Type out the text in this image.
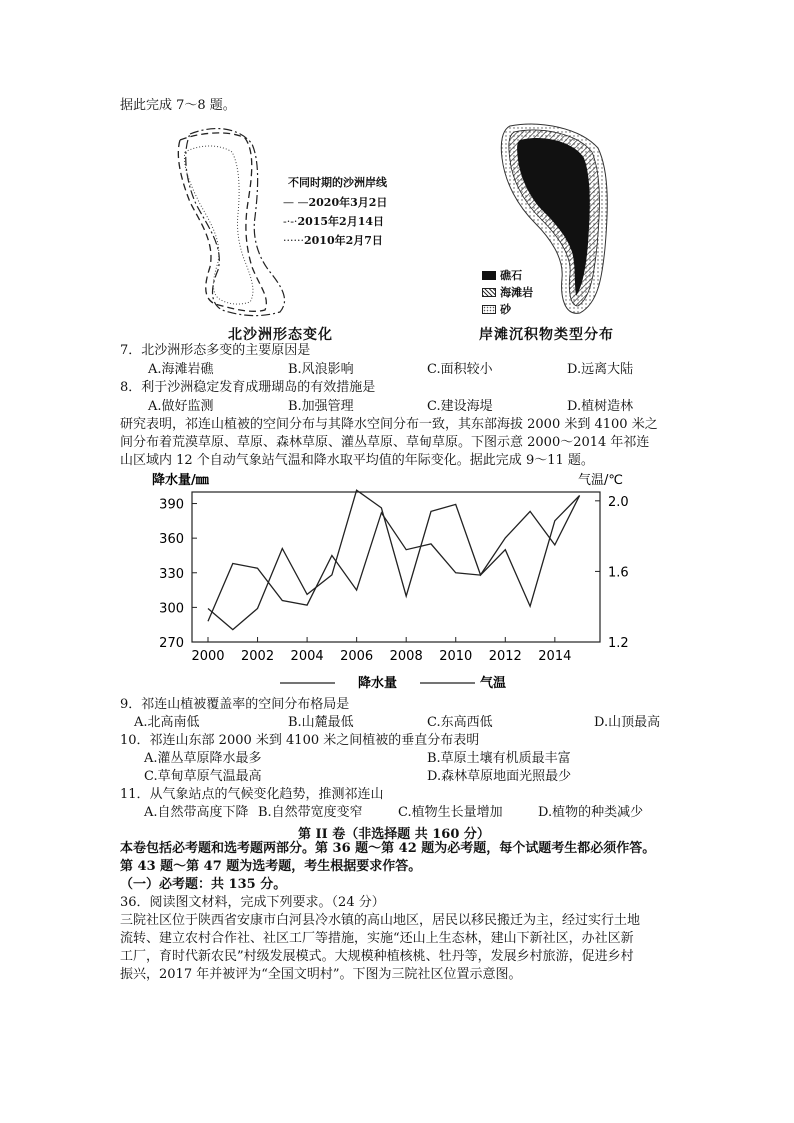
据此完成 7～8 题。
不同时期的沙洲岸线
— —2020年3月2日
-·-·2015年2月14日
······2010年2月7日
北沙洲形态变化
礁石
海滩岩
砂
岸滩沉积物类型分布
7．北沙洲形态多变的主要原因是
A.海滩岩礁	B.风浪影响	C.面积较小	D.远离大陆
8．利于沙洲稳定发育成珊瑚岛的有效措施是
A.做好监测	B.加强管理	C.建设海堤	D.植树造林
研究表明，祁连山植被的空间分布与其降水空间分布一致，其东部海拔 2000 米到 4100 米之
间分布着荒漠草原、草原、森林草原、灌丛草原、草甸草原。下图示意 2000～2014 年祁连
山区域内 12 个自动气象站气温和降水取平均值的年际变化。据此完成 9～11 题。
270
300
330
360
390
1.2
1.6
2.0
2000 2002 2004 2006 2008 2010 2012 2014
降水量/㎜	气温/℃
降水量	气温
9．祁连山植被覆盖率的空间分布格局是
A.北高南低	B.山麓最低	C.东高西低	D.山顶最高
10．祁连山东部 2000 米到 4100 米之间植被的垂直分布表明
A.灌丛草原降水最多	B.草原土壤有机质最丰富
C.草甸草原气温最高	D.森林草原地面光照最少
11．从气象站点的气候变化趋势，推测祁连山
A.自然带高度下降 B.自然带宽度变窄	C.植物生长量增加	D.植物的种类减少
第 II 卷（非选择题 共 160 分）
本卷包括必考题和选考题两部分。第 36 题～第 42 题为必考题，每个试题考生都必须作答。
第 43 题～第 47 题为选考题，考生根据要求作答。
（一）必考题：共 135 分。
36．阅读图文材料，完成下列要求。（24 分）
三院社区位于陕西省安康市白河县冷水镇的高山地区，居民以移民搬迁为主，经过实行土地
流转、建立农村合作社、社区工厂等措施，实施“还山上生态林，建山下新社区，办社区新
工厂，育时代新农民”村级发展模式。大规模种植核桃、牡丹等，发展乡村旅游，促进乡村
振兴，2017 年并被评为“全国文明村”。下图为三院社区位置示意图。
